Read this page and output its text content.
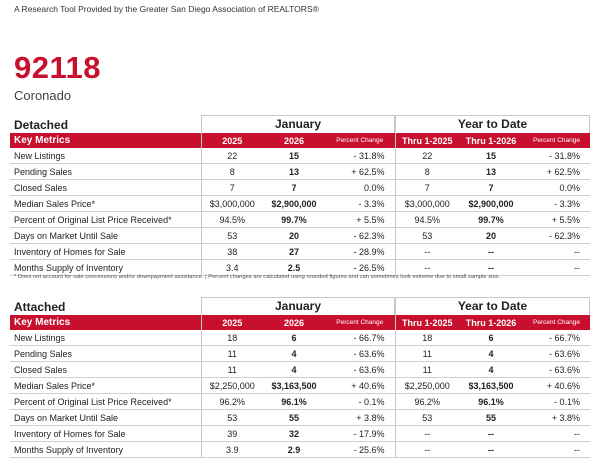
A Research Tool Provided by the Greater San Diego Association of REALTORS®
92118
Coronado
Detached	January	Year to Date
Key Metrics	2025	2026	Percent Change	Thru 1-2025	Thru 1-2026	Percent Change
New Listings	22	15	- 31.8%	22	15	- 31.8%
Pending Sales	8	13	+ 62.5%	8	13	+ 62.5%
Closed Sales	7	7	0.0%	7	7	0.0%
Median Sales Price*	$3,000,000	$2,900,000	- 3.3%	$3,000,000	$2,900,000	- 3.3%
Percent of Original List Price Received*	94.5%	99.7%	+ 5.5%	94.5%	99.7%	+ 5.5%
Days on Market Until Sale	53	20	- 62.3%	53	20	- 62.3%
Inventory of Homes for Sale	38	27	- 28.9%	--	--	--
Months Supply of Inventory	3.4	2.5	- 26.5%	--	--	--
* Does not account for sale concessions and/or downpayment assistance. | Percent changes are calculated using rounded figures and can sometimes look extreme due to small sample size.
Attached	January	Year to Date
Key Metrics	2025	2026	Percent Change	Thru 1-2025	Thru 1-2026	Percent Change
New Listings	18	6	- 66.7%	18	6	- 66.7%
Pending Sales	11	4	- 63.6%	11	4	- 63.6%
Closed Sales	11	4	- 63.6%	11	4	- 63.6%
Median Sales Price*	$2,250,000	$3,163,500	+ 40.6%	$2,250,000	$3,163,500	+ 40.6%
Percent of Original List Price Received*	96.2%	96.1%	- 0.1%	96.2%	96.1%	- 0.1%
Days on Market Until Sale	53	55	+ 3.8%	53	55	+ 3.8%
Inventory of Homes for Sale	39	32	- 17.9%	--	--	--
Months Supply of Inventory	3.9	2.9	- 25.6%	--	--	--
